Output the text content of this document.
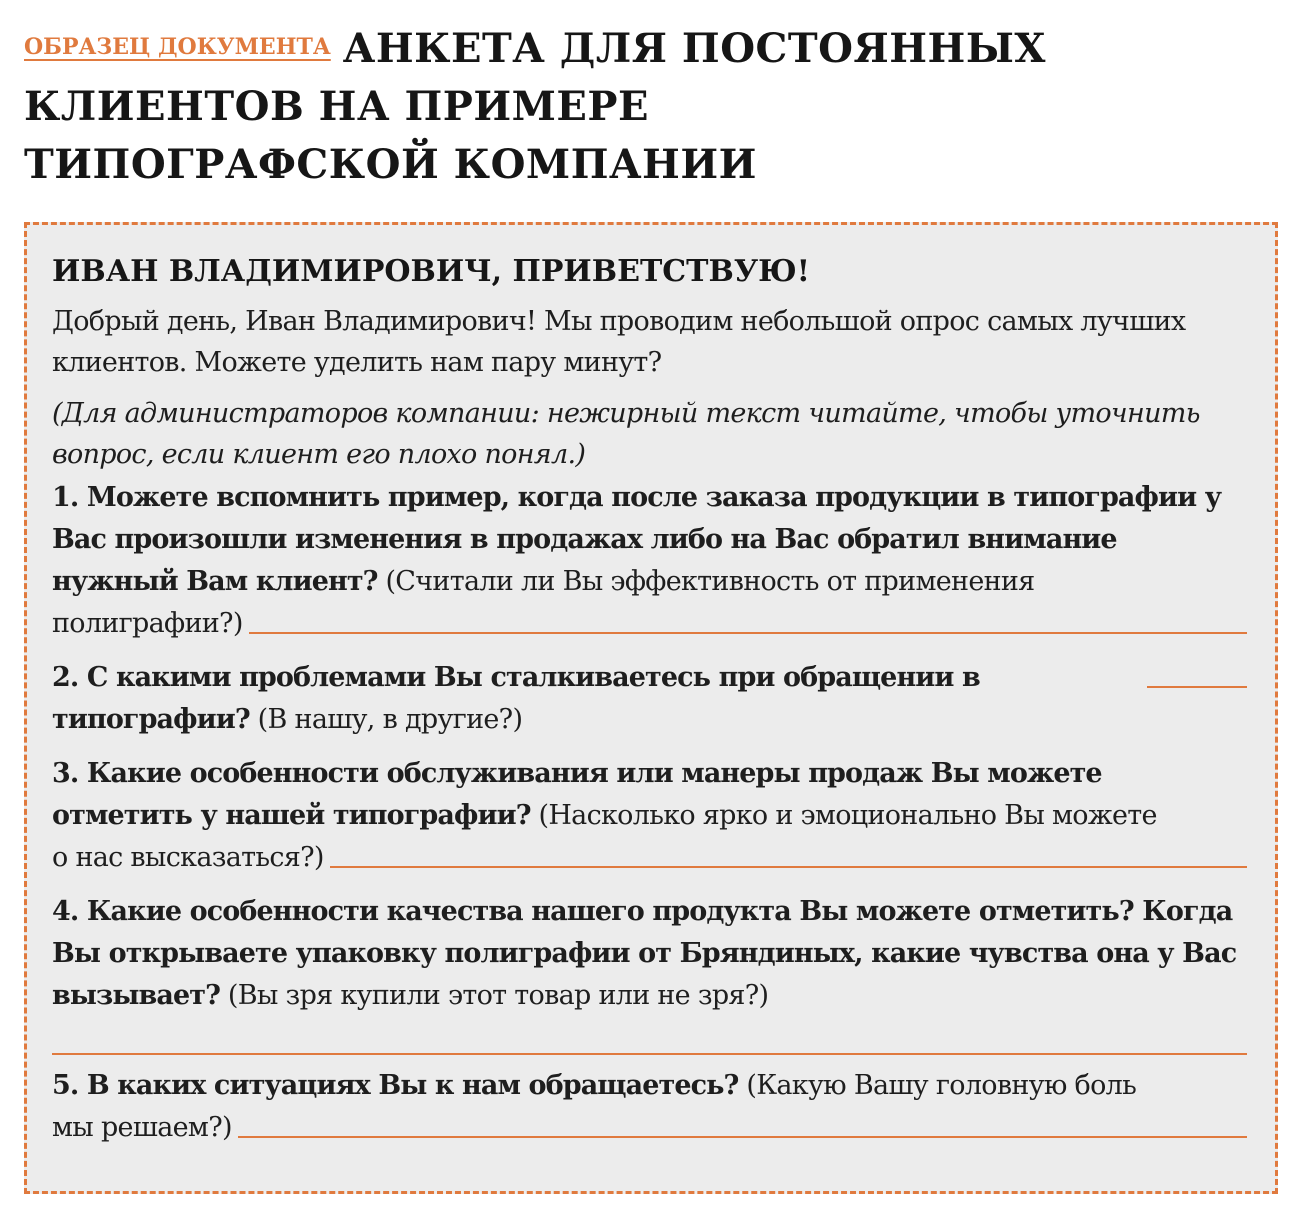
$^{ОБРАЗЕЦ ДОКУМЕНТА}$ АНКЕТА ДЛЯ ПОСТОЯННЫХ КЛИЕНТОВ НА ПРИМЕРЕ ТИПОГРАФСКОЙ КОМПАНИИ
ИВАН ВЛАДИМИРОВИЧ, ПРИВЕТСТВУЮ!

Добрый день, Иван Владимирович! Мы проводим небольшой опрос самых лучших клиентов. Можете уделить нам пару минут?

(Для администраторов компании: нежирный текст читайте, чтобы уточнить вопрос, если клиент его плохо понял.)

1. Можете вспомнить пример, когда после заказа продукции в типографии у Вас произошли изменения в продажах либо на Вас обратил внимание нужный Вам клиент? (Считали ли Вы эффективность от применения
полиграфии?)
2. С какими проблемами Вы сталкиваетесь при обращении в типографии? (В нашу, в другие?)
3. Какие особенности обслуживания или манеры продаж Вы можете отметить у нашей типографии? (Насколько ярко и эмоционально Вы можете
о нас высказаться?)
4. Какие особенности качества нашего продукта Вы можете отметить? Когда Вы открываете упаковку полиграфии от Бряндиных, какие чувства она у Вас вызывает? (Вы зря купили этот товар или не зря?)
5. В каких ситуациях Вы к нам обращаетесь? (Какую Вашу головную боль
мы решаем?)
